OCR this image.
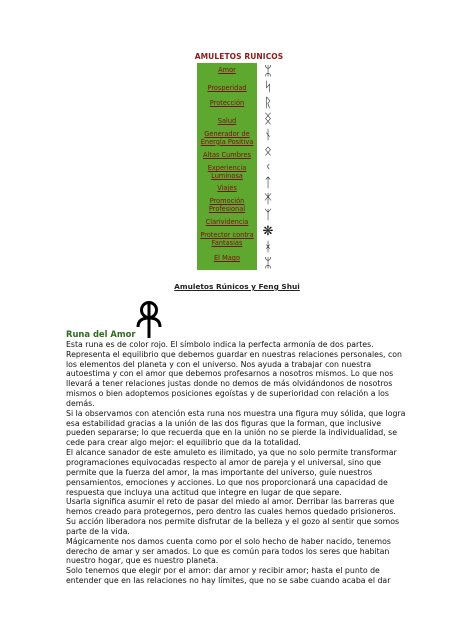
AMULETOS RUNICOS
Amor
Prosperidad
Protección
Salud
Generador de Energía Positiva
Altas Cumbres
Experiencia Luminosa
Viajes
Promoción Profesional
Clarividencia
Protector contra Fantasias
El Mago
ᛯ
ᛋ
ᚱ
ᛝ
ᚾ
ᛟ
ᚲ
ᛏ
ᛡ
ᛉ
❋
ᚼ
ᛯ
Amuletos Rúnicos y Feng Shui
Runa del Amor

Esta runa es de color rojo. El símbolo indica la perfecta armonía de dos partes. Representa el equilibrio que debemos guardar en nuestras relaciones personales, con los elementos del planeta y con el universo. Nos ayuda a trabajar con nuestra autoestima y con el amor que debemos profesarnos a nosotros mismos. Lo que nos llevará a tener relaciones justas donde no demos de más olvidándonos de nosotros mismos o bien adoptemos posiciones egoístas y de superioridad con relación a los demás.

Si la observamos con atención esta runa nos muestra una figura muy sólida, que logra esa estabilidad gracias a la unión de las dos figuras que la forman, que inclusive pueden separarse; lo que recuerda que en la unión no se pierde la individualidad, se cede para crear algo mejor: el equilibrio que da la totalidad.

El alcance sanador de este amuleto es ilimitado, ya que no solo permite transformar programaciones equivocadas respecto al amor de pareja y el universal, sino que permite que la fuerza del amor, la mas importante del universo, guíe nuestros pensamientos, emociones y acciones. Lo que nos proporcionará una capacidad de respuesta que incluya una actitud que integre en lugar de que separe.

Usarla significa asumir el reto de pasar del miedo al amor. Derribar las barreras que hemos creado para protegernos, pero dentro las cuales hemos quedado prisioneros. Su acción liberadora nos permite disfrutar de la belleza y el gozo al sentir que somos parte de la vida.

Mágicamente nos damos cuenta como por el solo hecho de haber nacido, tenemos derecho de amar y ser amados. Lo que es común para todos los seres que habitan nuestro hogar, que es nuestro planeta.

Solo tenemos que elegir por el amor: dar amor y recibir amor; hasta el punto de entender que en las relaciones no hay límites, que no se sabe cuando acaba el dar
